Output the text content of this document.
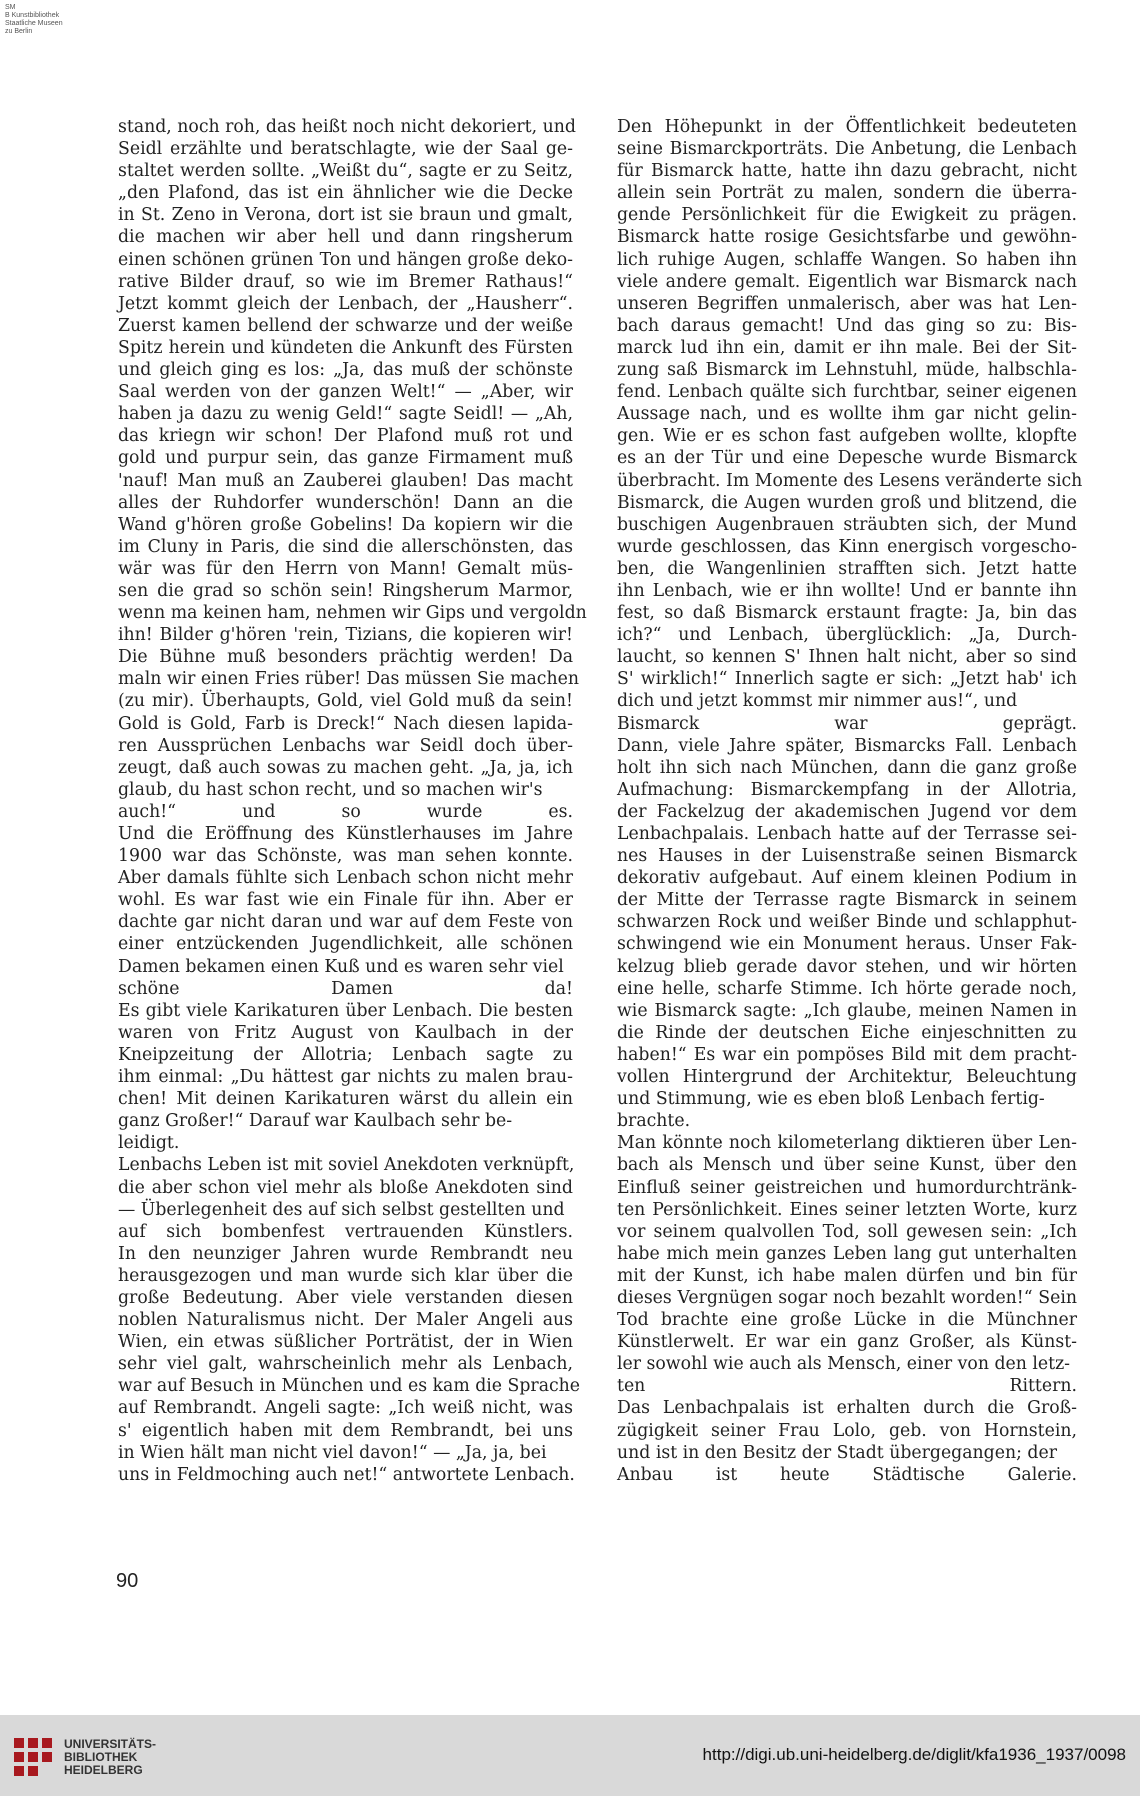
SM
B Kunstbibliothek
Staatliche Museen
zu Berlin
stand, noch roh, das heißt noch nicht dekoriert, und
Seidl erzählte und beratschlagte, wie der Saal ge-
staltet werden sollte. „Weißt du“, sagte er zu Seitz,
„den Plafond, das ist ein ähnlicher wie die Decke
in St. Zeno in Verona, dort ist sie braun und gmalt,
die machen wir aber hell und dann ringsherum
einen schönen grünen Ton und hängen große deko-
rative Bilder drauf, so wie im Bremer Rathaus!“
Jetzt kommt gleich der Lenbach, der „Hausherr“.
Zuerst kamen bellend der schwarze und der weiße
Spitz herein und kündeten die Ankunft des Fürsten
und gleich ging es los: „Ja, das muß der schönste
Saal werden von der ganzen Welt!“ — „Aber, wir
haben ja dazu zu wenig Geld!“ sagte Seidl! — „Ah,
das kriegn wir schon! Der Plafond muß rot und
gold und purpur sein, das ganze Firmament muß
'nauf! Man muß an Zauberei glauben! Das macht
alles der Ruhdorfer wunderschön! Dann an die
Wand g'hören große Gobelins! Da kopiern wir die
im Cluny in Paris, die sind die allerschönsten, das
wär was für den Herrn von Mann! Gemalt müs-
sen die grad so schön sein! Ringsherum Marmor,
wenn ma keinen ham, nehmen wir Gips und vergoldn
ihn! Bilder g'hören 'rein, Tizians, die kopieren wir!
Die Bühne muß besonders prächtig werden! Da
maln wir einen Fries rüber! Das müssen Sie machen
(zu mir). Überhaupts, Gold, viel Gold muß da sein!
Gold is Gold, Farb is Dreck!“ Nach diesen lapida-
ren Aussprüchen Lenbachs war Seidl doch über-
zeugt, daß auch sowas zu machen geht. „Ja, ja, ich
glaub, du hast schon recht, und so machen wir's
auch!“ und so wurde es.
Und die Eröffnung des Künstlerhauses im Jahre
1900 war das Schönste, was man sehen konnte.
Aber damals fühlte sich Lenbach schon nicht mehr
wohl. Es war fast wie ein Finale für ihn. Aber er
dachte gar nicht daran und war auf dem Feste von
einer entzückenden Jugendlichkeit, alle schönen
Damen bekamen einen Kuß und es waren sehr viel
schöne Damen da!
Es gibt viele Karikaturen über Lenbach. Die besten
waren von Fritz August von Kaulbach in der
Kneipzeitung der Allotria; Lenbach sagte zu
ihm einmal: „Du hättest gar nichts zu malen brau-
chen! Mit deinen Karikaturen wärst du allein ein
ganz Großer!“ Darauf war Kaulbach sehr be-
leidigt.
Lenbachs Leben ist mit soviel Anekdoten verknüpft,
die aber schon viel mehr als bloße Anekdoten sind
— Überlegenheit des auf sich selbst gestellten und
auf sich bombenfest vertrauenden Künstlers.
In den neunziger Jahren wurde Rembrandt neu
herausgezogen und man wurde sich klar über die
große Bedeutung. Aber viele verstanden diesen
noblen Naturalismus nicht. Der Maler Angeli aus
Wien, ein etwas süßlicher Porträtist, der in Wien
sehr viel galt, wahrscheinlich mehr als Lenbach,
war auf Besuch in München und es kam die Sprache
auf Rembrandt. Angeli sagte: „Ich weiß nicht, was
s' eigentlich haben mit dem Rembrandt, bei uns
in Wien hält man nicht viel davon!“ — „Ja, ja, bei
uns in Feldmoching auch net!“ antwortete Lenbach.
Den Höhepunkt in der Öffentlichkeit bedeuteten
seine Bismarckporträts. Die Anbetung, die Lenbach
für Bismarck hatte, hatte ihn dazu gebracht, nicht
allein sein Porträt zu malen, sondern die überra-
gende Persönlichkeit für die Ewigkeit zu prägen.
Bismarck hatte rosige Gesichtsfarbe und gewöhn-
lich ruhige Augen, schlaffe Wangen. So haben ihn
viele andere gemalt. Eigentlich war Bismarck nach
unseren Begriffen unmalerisch, aber was hat Len-
bach daraus gemacht! Und das ging so zu: Bis-
marck lud ihn ein, damit er ihn male. Bei der Sit-
zung saß Bismarck im Lehnstuhl, müde, halbschla-
fend. Lenbach quälte sich furchtbar, seiner eigenen
Aussage nach, und es wollte ihm gar nicht gelin-
gen. Wie er es schon fast aufgeben wollte, klopfte
es an der Tür und eine Depesche wurde Bismarck
überbracht. Im Momente des Lesens veränderte sich
Bismarck, die Augen wurden groß und blitzend, die
buschigen Augenbrauen sträubten sich, der Mund
wurde geschlossen, das Kinn energisch vorgescho-
ben, die Wangenlinien strafften sich. Jetzt hatte
ihn Lenbach, wie er ihn wollte! Und er bannte ihn
fest, so daß Bismarck erstaunt fragte: Ja, bin das
ich?“ und Lenbach, überglücklich: „Ja, Durch-
laucht, so kennen S' Ihnen halt nicht, aber so sind
S' wirklich!“ Innerlich sagte er sich: „Jetzt hab' ich
dich und jetzt kommst mir nimmer aus!“, und
Bismarck war geprägt.
Dann, viele Jahre später, Bismarcks Fall. Lenbach
holt ihn sich nach München, dann die ganz große
Aufmachung: Bismarckempfang in der Allotria,
der Fackelzug der akademischen Jugend vor dem
Lenbachpalais. Lenbach hatte auf der Terrasse sei-
nes Hauses in der Luisenstraße seinen Bismarck
dekorativ aufgebaut. Auf einem kleinen Podium in
der Mitte der Terrasse ragte Bismarck in seinem
schwarzen Rock und weißer Binde und schlapphut-
schwingend wie ein Monument heraus. Unser Fak-
kelzug blieb gerade davor stehen, und wir hörten
eine helle, scharfe Stimme. Ich hörte gerade noch,
wie Bismarck sagte: „Ich glaube, meinen Namen in
die Rinde der deutschen Eiche einjeschnitten zu
haben!“ Es war ein pompöses Bild mit dem pracht-
vollen Hintergrund der Architektur, Beleuchtung
und Stimmung, wie es eben bloß Lenbach fertig-
brachte.
Man könnte noch kilometerlang diktieren über Len-
bach als Mensch und über seine Kunst, über den
Einfluß seiner geistreichen und humordurchtränk-
ten Persönlichkeit. Eines seiner letzten Worte, kurz
vor seinem qualvollen Tod, soll gewesen sein: „Ich
habe mich mein ganzes Leben lang gut unterhalten
mit der Kunst, ich habe malen dürfen und bin für
dieses Vergnügen sogar noch bezahlt worden!“ Sein
Tod brachte eine große Lücke in die Münchner
Künstlerwelt. Er war ein ganz Großer, als Künst-
ler sowohl wie auch als Mensch, einer von den letz-
ten Rittern.
Das Lenbachpalais ist erhalten durch die Groß-
zügigkeit seiner Frau Lolo, geb. von Hornstein,
und ist in den Besitz der Stadt übergegangen; der
Anbau ist heute Städtische Galerie.
90
UNIVERSITÄTS-
BIBLIOTHEK
HEIDELBERG
http://digi.ub.uni-heidelberg.de/diglit/kfa1936_1937/0098
